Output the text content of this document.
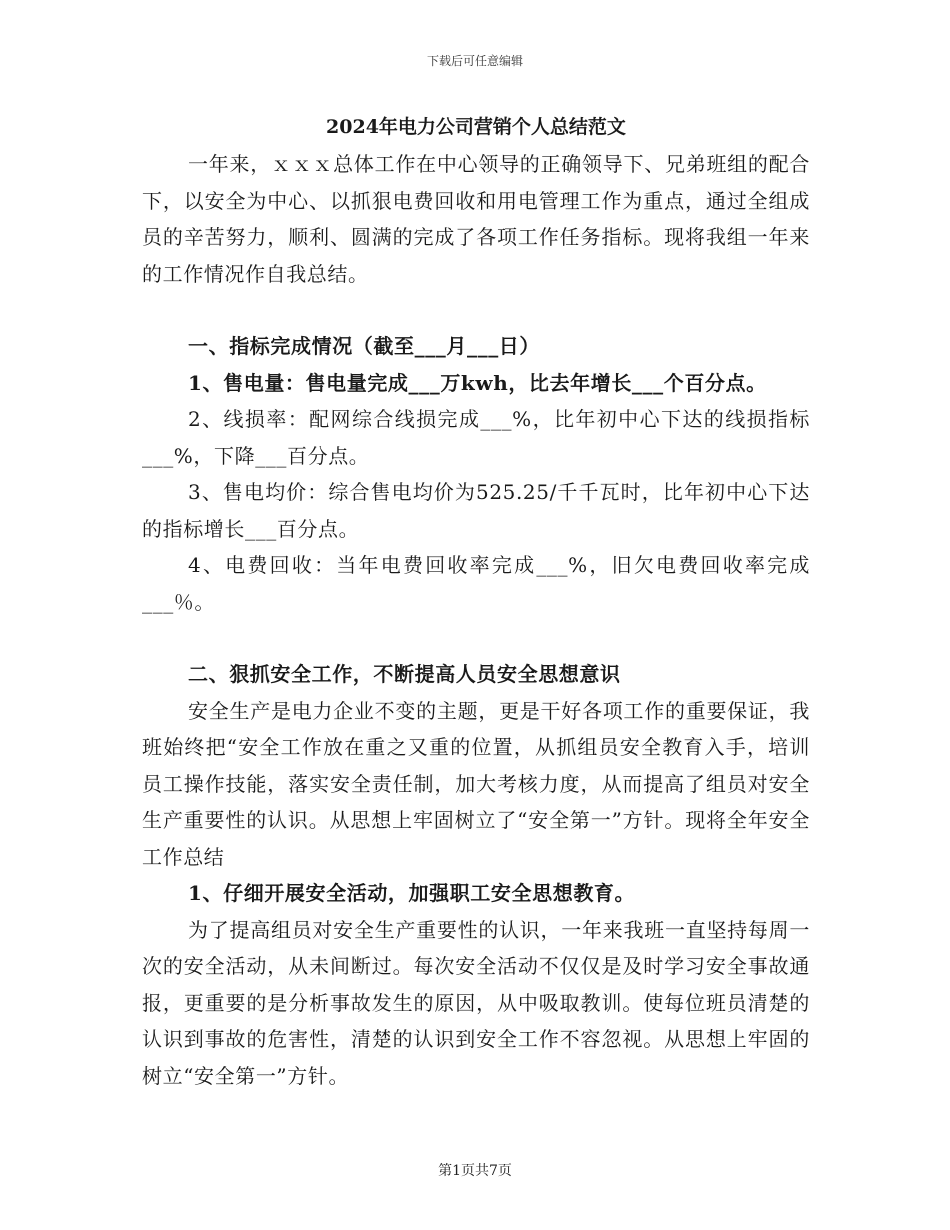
下载后可任意编辑
2024年电力公司营销个人总结范文

一年来，ｘｘｘ总体工作在中心领导的正确领导下、兄弟班组的配合下，以安全为中心、以抓狠电费回收和用电管理工作为重点，通过全组成员的辛苦努力，顺利、圆满的完成了各项工作任务指标。现将我组一年来的工作情况作自我总结。

一、指标完成情况（截至___月___日）

1、售电量：售电量完成___万kwh，比去年增长___个百分点。

2、线损率：配网综合线损完成___%，比年初中心下达的线损指标___%，下降___百分点。

3、售电均价：综合售电均价为525.25/千千瓦时，比年初中心下达的指标增长___百分点。

4、电费回收：当年电费回收率完成___%，旧欠电费回收率完成___％。

二、狠抓安全工作，不断提高人员安全思想意识

安全生产是电力企业不变的主题，更是干好各项工作的重要保证，我班始终把“安全工作放在重之又重的位置，从抓组员安全教育入手，培训员工操作技能，落实安全责任制，加大考核力度，从而提高了组员对安全生产重要性的认识。从思想上牢固树立了“安全第一”方针。现将全年安全工作总结

1、仔细开展安全活动，加强职工安全思想教育。

为了提高组员对安全生产重要性的认识，一年来我班一直坚持每周一次的安全活动，从未间断过。每次安全活动不仅仅是及时学习安全事故通报，更重要的是分析事故发生的原因，从中吸取教训。使每位班员清楚的认识到事故的危害性，清楚的认识到安全工作不容忽视。从思想上牢固的树立“安全第一”方针。

第1页共7页
